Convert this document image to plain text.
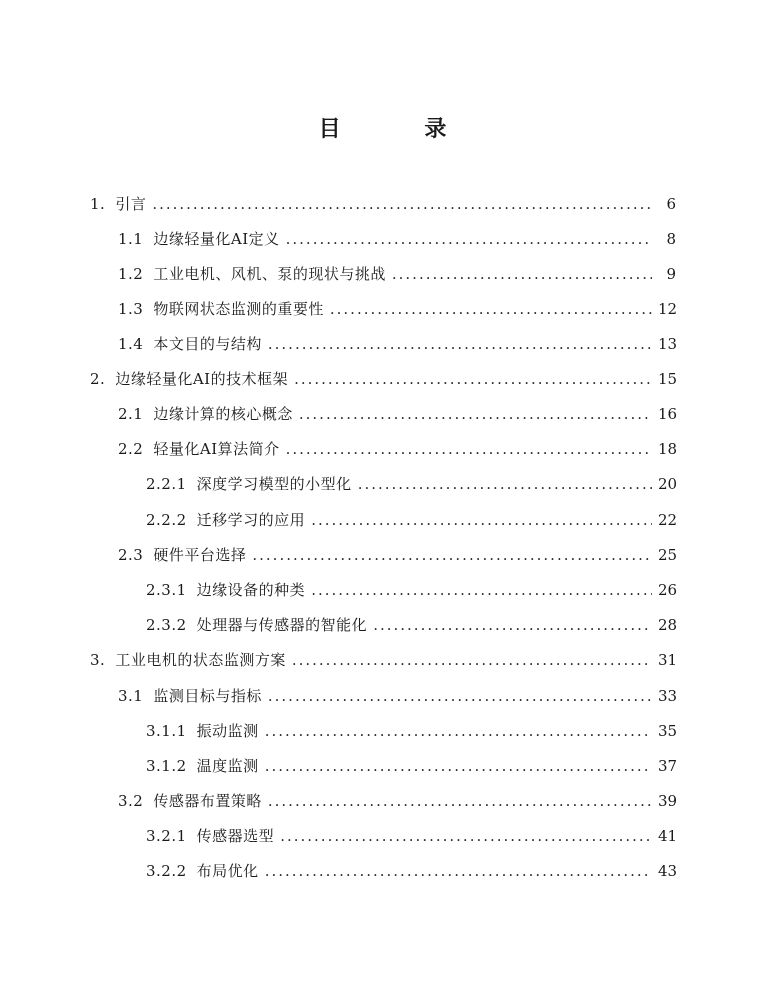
目 录
1. 引言 .....	6
1.1 边缘轻量化AI定义 .....	8
1.2 工业电机、风机、泵的现状与挑战 .....	9
1.3 物联网状态监测的重要性 .....	12
1.4 本文目的与结构 .....	13
2. 边缘轻量化AI的技术框架 .....	15
2.1 边缘计算的核心概念 .....	16
2.2 轻量化AI算法简介 .....	18
2.2.1 深度学习模型的小型化 .....	20
2.2.2 迁移学习的应用 .....	22
2.3 硬件平台选择 .....	25
2.3.1 边缘设备的种类 .....	26
2.3.2 处理器与传感器的智能化 .....	28
3. 工业电机的状态监测方案 .....	31
3.1 监测目标与指标 .....	33
3.1.1 振动监测 .....	35
3.1.2 温度监测 .....	37
3.2 传感器布置策略 .....	39
3.2.1 传感器选型 .....	41
3.2.2 布局优化 .....	43
